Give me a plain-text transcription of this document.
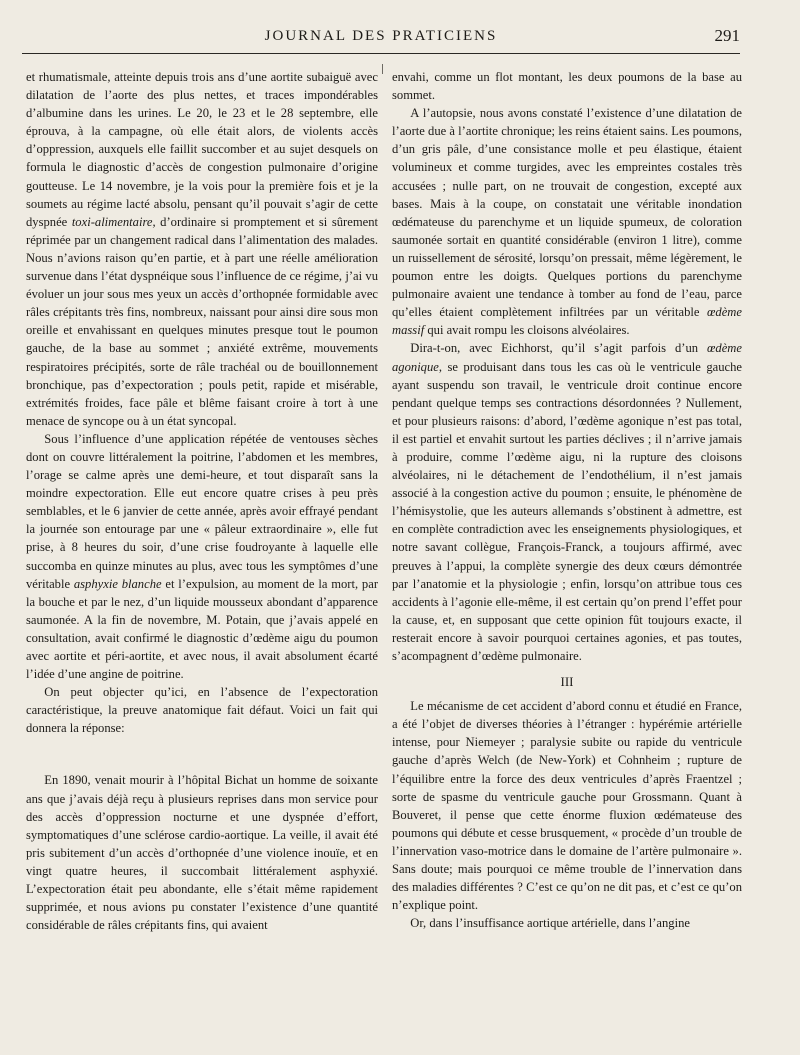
JOURNAL DES PRATICIENS	291

et rhumatismale, atteinte depuis trois ans d’une aortite subaiguë avec dilatation de l’aorte des plus nettes, et traces impondérables d’albumine dans les urines. Le 20, le 23 et le 28 septembre, elle éprouva, à la campagne, où elle était alors, de violents accès d’oppression, auxquels elle faillit succomber et au sujet desquels on formula le diagnostic d’accès de congestion pulmonaire d’origine goutteuse. Le 14 novembre, je la vois pour la première fois et je la soumets au régime lacté absolu, pensant qu’il pouvait s’agir de cette dyspnée toxi-alimentaire, d’ordinaire si promptement et si sûrement réprimée par un changement radical dans l’alimentation des malades. Nous n’avions raison qu’en partie, et à part une réelle amélioration survenue dans l’état dyspnéique sous l’influence de ce régime, j’ai vu évoluer un jour sous mes yeux un accès d’orthopnée formidable avec râles crépitants très fins, nombreux, naissant pour ainsi dire sous mon oreille et envahissant en quelques minutes presque tout le poumon gauche, de la base au sommet ; anxiété extrême, mouvements respiratoires précipités, sorte de râle trachéal ou de bouillonnement bronchique, pas d’expectoration ; pouls petit, rapide et misérable, extrémités froides, face pâle et blême faisant croire à tort à une menace de syncope ou à un état syncopal.

Sous l’influence d’une application répétée de ventouses sèches dont on couvre littéralement la poitrine, l’abdomen et les membres, l’orage se calme après une demi-heure, et tout disparaît sans la moindre expectoration. Elle eut encore quatre crises à peu près semblables, et le 6 janvier de cette année, après avoir effrayé pendant la journée son entourage par une « pâleur extraordinaire », elle fut prise, à 8 heures du soir, d’une crise foudroyante à laquelle elle succomba en quinze minutes au plus, avec tous les symptômes d’une véritable asphyxie blanche et l’expulsion, au moment de la mort, par la bouche et par le nez, d’un liquide mousseux abondant d’apparence saumonée. A la fin de novembre, M. Potain, que j’avais appelé en consultation, avait confirmé le diagnostic d’œdème aigu du poumon avec aortite et péri-aortite, et avec nous, il avait absolument écarté l’idée d’une angine de poitrine.

On peut objecter qu’ici, en l’absence de l’expectoration caractéristique, la preuve anatomique fait défaut. Voici un fait qui donnera la réponse:

En 1890, venait mourir à l’hôpital Bichat un homme de soixante ans que j’avais déjà reçu à plusieurs reprises dans mon service pour des accès d’oppression nocturne et une dyspnée d’effort, symptomatiques d’une sclérose cardio-aortique. La veille, il avait été pris subitement d’un accès d’orthopnée d’une violence inouïe, et en vingt quatre heures, il succombait littéralement asphyxié. L’expectoration était peu abondante, elle s’était même rapidement supprimée, et nous avions pu constater l’existence d’une quantité considérable de râles crépitants fins, qui avaient

envahi, comme un flot montant, les deux poumons de la base au sommet.

A l’autopsie, nous avons constaté l’existence d’une dilatation de l’aorte due à l’aortite chronique; les reins étaient sains. Les poumons, d’un gris pâle, d’une consistance molle et peu élastique, étaient volumineux et comme turgides, avec les empreintes costales très accusées ; nulle part, on ne trouvait de congestion, excepté aux bases. Mais à la coupe, on constatait une véritable inondation œdémateuse du parenchyme et un liquide spumeux, de coloration saumonée sortait en quantité considérable (environ 1 litre), comme un ruissellement de sérosité, lorsqu’on pressait, même légèrement, le poumon entre les doigts. Quelques portions du parenchyme pulmonaire avaient une tendance à tomber au fond de l’eau, parce qu’elles étaient complètement infiltrées par un véritable œdème massif qui avait rompu les cloisons alvéolaires.

Dira-t-on, avec Eichhorst, qu’il s’agit parfois d’un œdème agonique, se produisant dans tous les cas où le ventricule gauche ayant suspendu son travail, le ventricule droit continue encore pendant quelque temps ses contractions désordonnées ? Nullement, et pour plusieurs raisons: d’abord, l’œdème agonique n’est pas total, il est partiel et envahit surtout les parties déclives ; il n’arrive jamais à produire, comme l’œdème aigu, ni la rupture des cloisons alvéolaires, ni le détachement de l’endothélium, il n’est jamais associé à la congestion active du poumon ; ensuite, le phénomène de l’hémisystolie, que les auteurs allemands s’obstinent à admettre, est en complète contradiction avec les enseignements physiologiques, et notre savant collègue, François-Franck, a toujours affirmé, avec preuves à l’appui, la complète synergie des deux cœurs démontrée par l’anatomie et la physiologie ; enfin, lorsqu’on attribue tous ces accidents à l’agonie elle-même, il est certain qu’on prend l’effet pour la cause, et, en supposant que cette opinion fût toujours exacte, il resterait encore à savoir pourquoi certaines agonies, et pas toutes, s’acompagnent d’œdème pulmonaire.

III

Le mécanisme de cet accident d’abord connu et étudié en France, a été l’objet de diverses théories à l’étranger : hypérémie artérielle intense, pour Niemeyer ; paralysie subite ou rapide du ventricule gauche d’après Welch (de New-York) et Cohnheim ; rupture de l’équilibre entre la force des deux ventricules d’après Fraentzel ; sorte de spasme du ventricule gauche pour Grossmann. Quant à Bouveret, il pense que cette énorme fluxion œdémateuse des poumons qui débute et cesse brusquement, « procède d’un trouble de l’innervation vaso-motrice dans le domaine de l’artère pulmonaire ». Sans doute; mais pourquoi ce même trouble de l’innervation dans des maladies différentes ? C’est ce qu’on ne dit pas, et c’est ce qu’on n’explique point.

Or, dans l’insuffisance aortique artérielle, dans l’angine
